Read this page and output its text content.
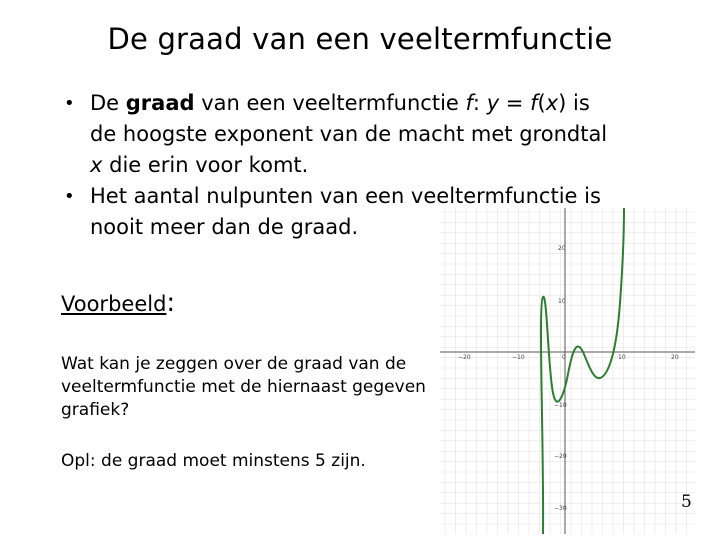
De graad van een veeltermfunctie
• De graad van een veeltermfunctie f: y = f(x) is
de hoogste exponent van de macht met grondtal
x die erin voor komt.
• Het aantal nulpunten van een veeltermfunctie is
nooit meer dan de graad.
−20	−10	0	10	20
20
10
−10
−20
−30
Voorbeeld:
Wat kan je zeggen over de graad van de veeltermfunctie met de hiernaast gegeven grafiek?
Opl: de graad moet minstens 5 zijn.
5
